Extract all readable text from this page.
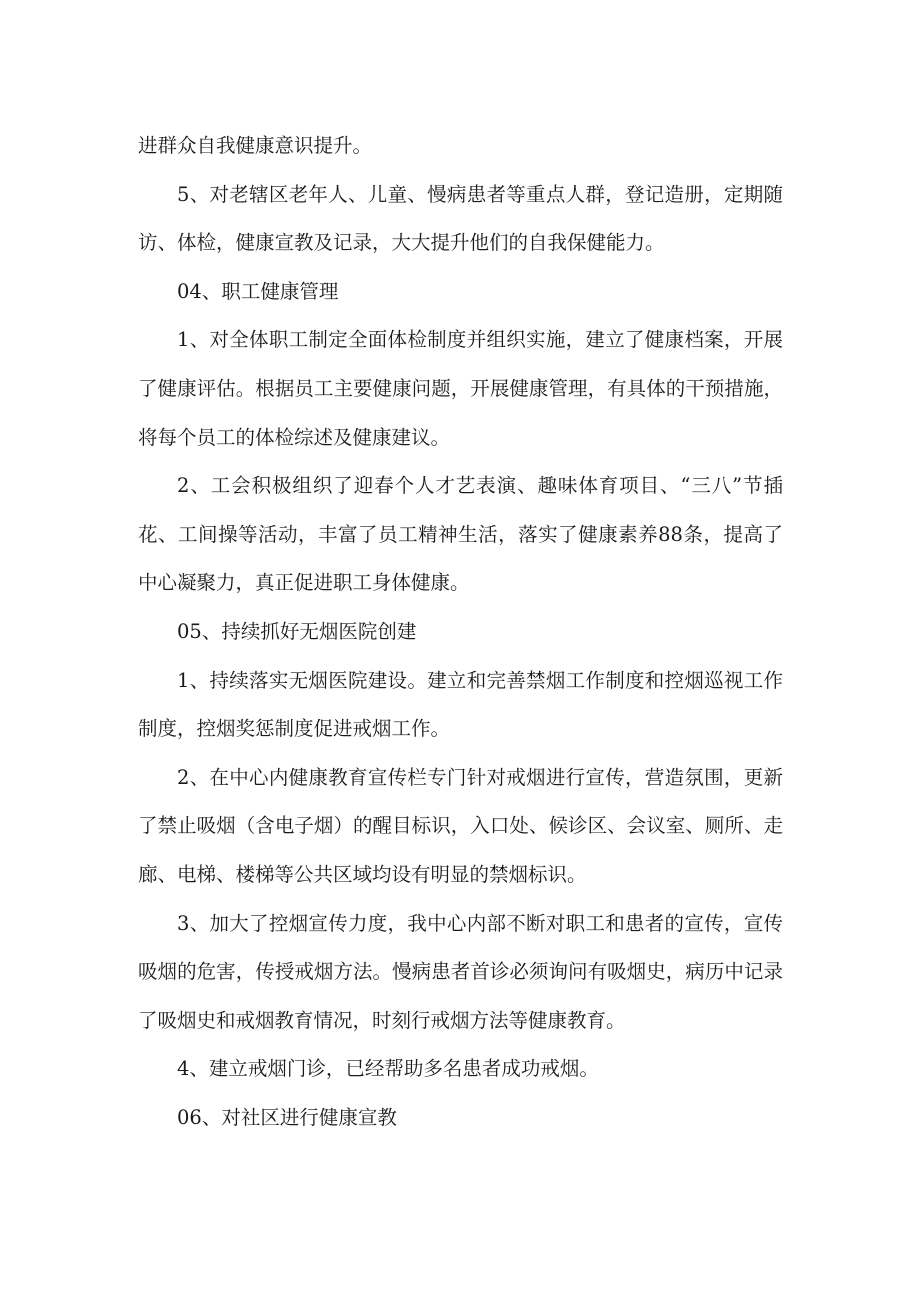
进群众自我健康意识提升。

5、对老辖区老年人、儿童、慢病患者等重点人群，登记造册，定期随访、体检，健康宣教及记录，大大提升他们的自我保健能力。

04、职工健康管理

1、对全体职工制定全面体检制度并组织实施，建立了健康档案，开展了健康评估。根据员工主要健康问题，开展健康管理，有具体的干预措施，将每个员工的体检综述及健康建议。

2、工会积极组织了迎春个人才艺表演、趣味体育项目、“三八”节插花、工间操等活动，丰富了员工精神生活，落实了健康素养88条，提高了中心凝聚力，真正促进职工身体健康。

05、持续抓好无烟医院创建

1、持续落实无烟医院建设。建立和完善禁烟工作制度和控烟巡视工作制度，控烟奖惩制度促进戒烟工作。

2、在中心内健康教育宣传栏专门针对戒烟进行宣传，营造氛围，更新了禁止吸烟（含电子烟）的醒目标识，入口处、候诊区、会议室、厕所、走廊、电梯、楼梯等公共区域均设有明显的禁烟标识。

3、加大了控烟宣传力度，我中心内部不断对职工和患者的宣传，宣传吸烟的危害，传授戒烟方法。慢病患者首诊必须询问有吸烟史，病历中记录了吸烟史和戒烟教育情况，时刻行戒烟方法等健康教育。

4、建立戒烟门诊，已经帮助多名患者成功戒烟。

06、对社区进行健康宣教
